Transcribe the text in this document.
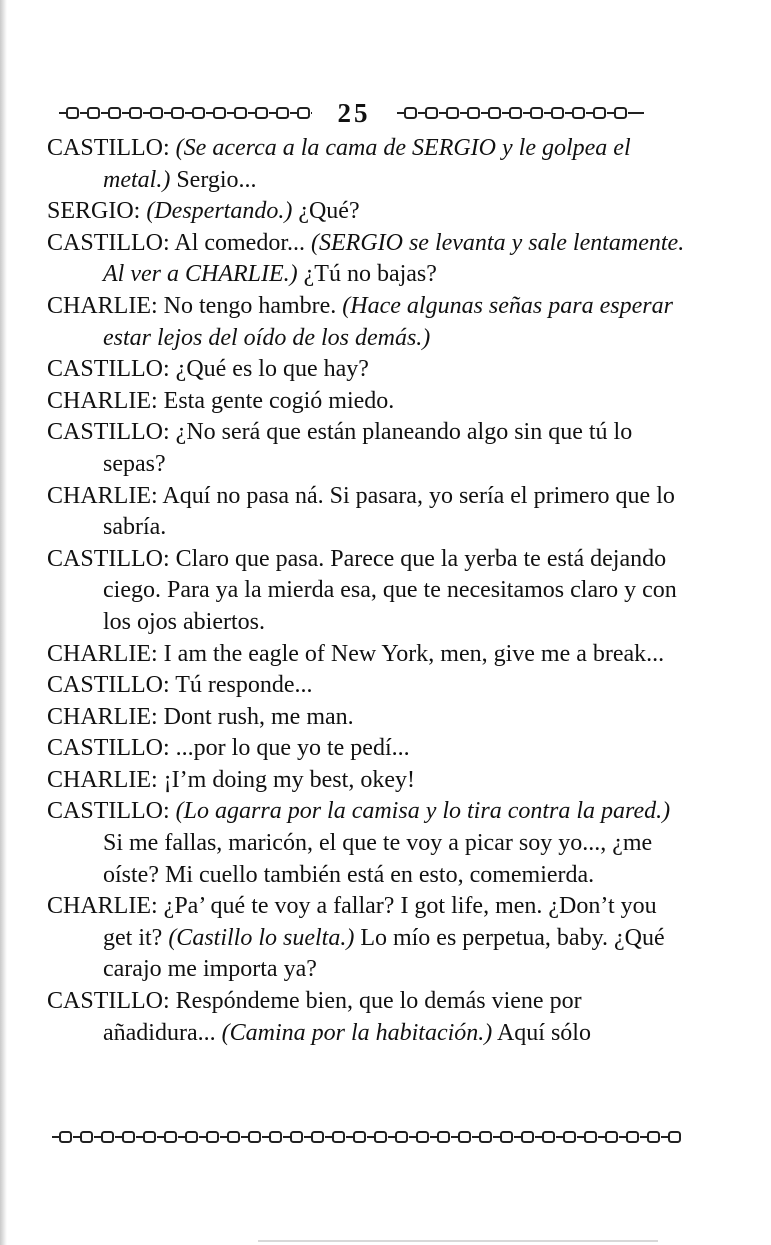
25

CASTILLO: (Se acerca a la cama de SERGIO y le golpea el metal.) Sergio...

SERGIO: (Despertando.) ¿Qué?

CASTILLO: Al comedor... (SERGIO se levanta y sale lentamente. Al ver a CHARLIE.) ¿Tú no bajas?

CHARLIE: No tengo hambre. (Hace algunas señas para esperar estar lejos del oído de los demás.)

CASTILLO: ¿Qué es lo que hay?

CHARLIE: Esta gente cogió miedo.

CASTILLO: ¿No será que están planeando algo sin que tú lo sepas?

CHARLIE: Aquí no pasa ná. Si pasara, yo sería el primero que lo sabría.

CASTILLO: Claro que pasa. Parece que la yerba te está dejando ciego. Para ya la mierda esa, que te necesitamos claro y con los ojos abiertos.

CHARLIE: I am the eagle of New York, men, give me a break...

CASTILLO: Tú responde...

CHARLIE: Dont rush, me man.

CASTILLO: ...por lo que yo te pedí...

CHARLIE: ¡I’m doing my best, okey!

CASTILLO: (Lo agarra por la camisa y lo tira contra la pared.) Si me fallas, maricón, el que te voy a picar soy yo..., ¿me oíste? Mi cuello también está en esto, comemierda.

CHARLIE: ¿Pa’ qué te voy a fallar? I got life, men. ¿Don’t you get it? (Castillo lo suelta.) Lo mío es perpetua, baby. ¿Qué carajo me importa ya?

CASTILLO: Respóndeme bien, que lo demás viene por añadidura... (Camina por la habitación.) Aquí sólo
